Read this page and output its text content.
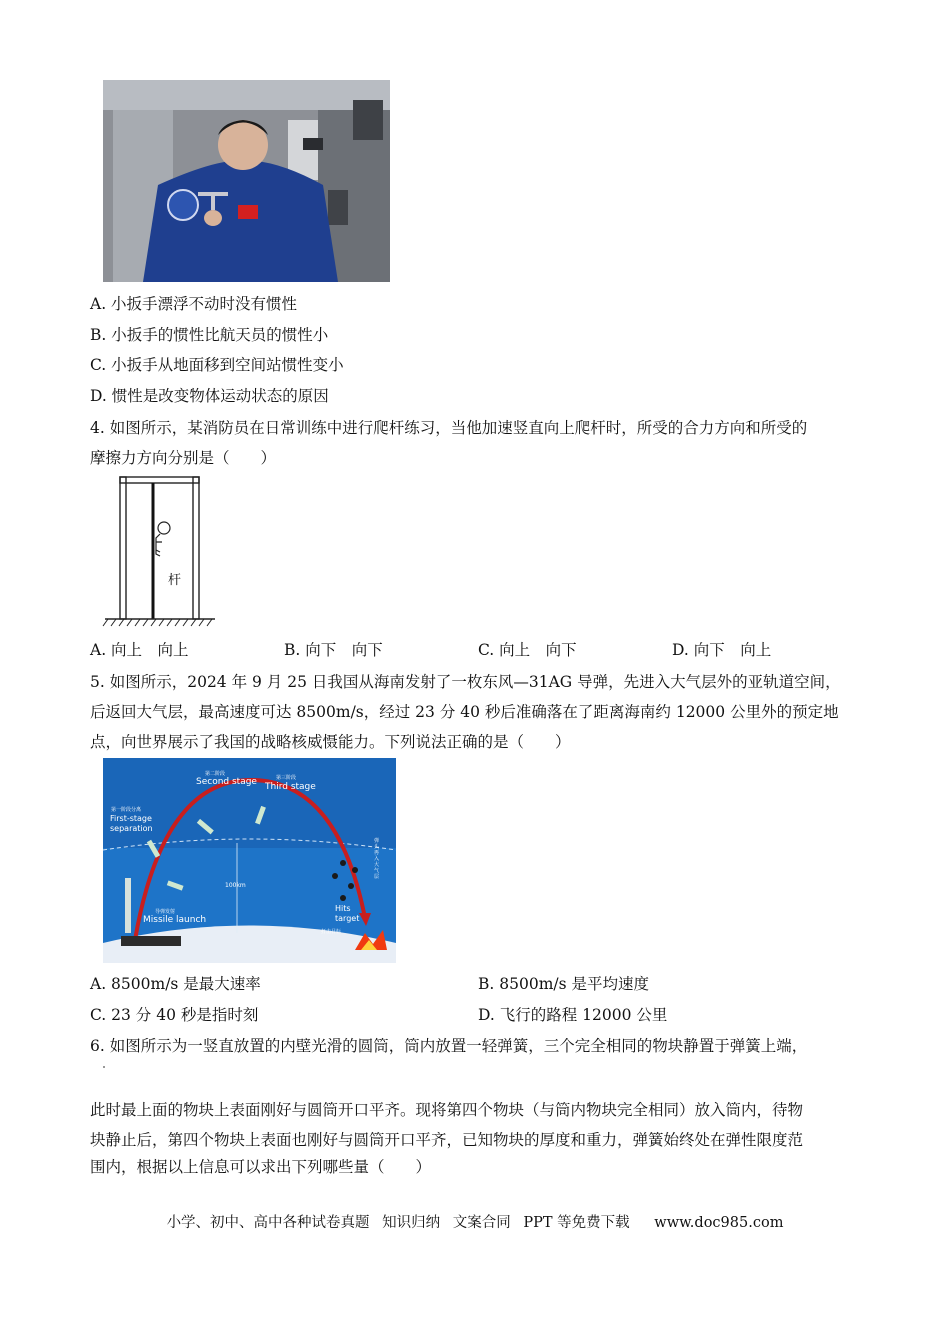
A. 小扳手漂浮不动时没有惯性
B. 小扳手的惯性比航天员的惯性小
C. 小扳手从地面移到空间站惯性变小
D. 惯性是改变物体运动状态的原因
4. 如图所示，某消防员在日常训练中进行爬杆练习，当他加速竖直向上爬杆时，所受的合力方向和所受的
摩擦力方向分别是（　　）
杆
A. 向上　向上	B. 向下　向下	C. 向上　向下	D. 向下　向上
5. 如图所示，2024 年 9 月 25 日我国从海南发射了一枚东风—31AG 导弹，先进入大气层外的亚轨道空间，
后返回大气层，最高速度可达 8500m/s，经过 23 分 40 秒后准确落在了距离海南约 12000 公里外的预定地
点，向世界展示了我国的战略核威慑能力。下列说法正确的是（　　）
第二阶段
Second stage	第三阶段
Third stage
第一阶段分离
First-stage separation
100km
导弹发射
Missile launch
Hits target
打击目标
弹头再入大气层
A. 8500m/s 是最大速率	B. 8500m/s 是平均速度
C. 23 分 40 秒是指时刻	D. 飞行的路程 12000 公里
6. 如图所示为一竖直放置的内壁光滑的圆筒，筒内放置一轻弹簧，三个完全相同的物块静置于弹簧上端，
此时最上面的物块上表面刚好与圆筒开口平齐。现将第四个物块（与筒内物块完全相同）放入筒内，待物
块静止后，第四个物块上表面也刚好与圆筒开口平齐，已知物块的厚度和重力，弹簧始终处在弹性限度范
围内，根据以上信息可以求出下列哪些量（　　）
小学、初中、高中各种试卷真题 知识归纳 文案合同 PPT 等免费下载 www.doc985.com
